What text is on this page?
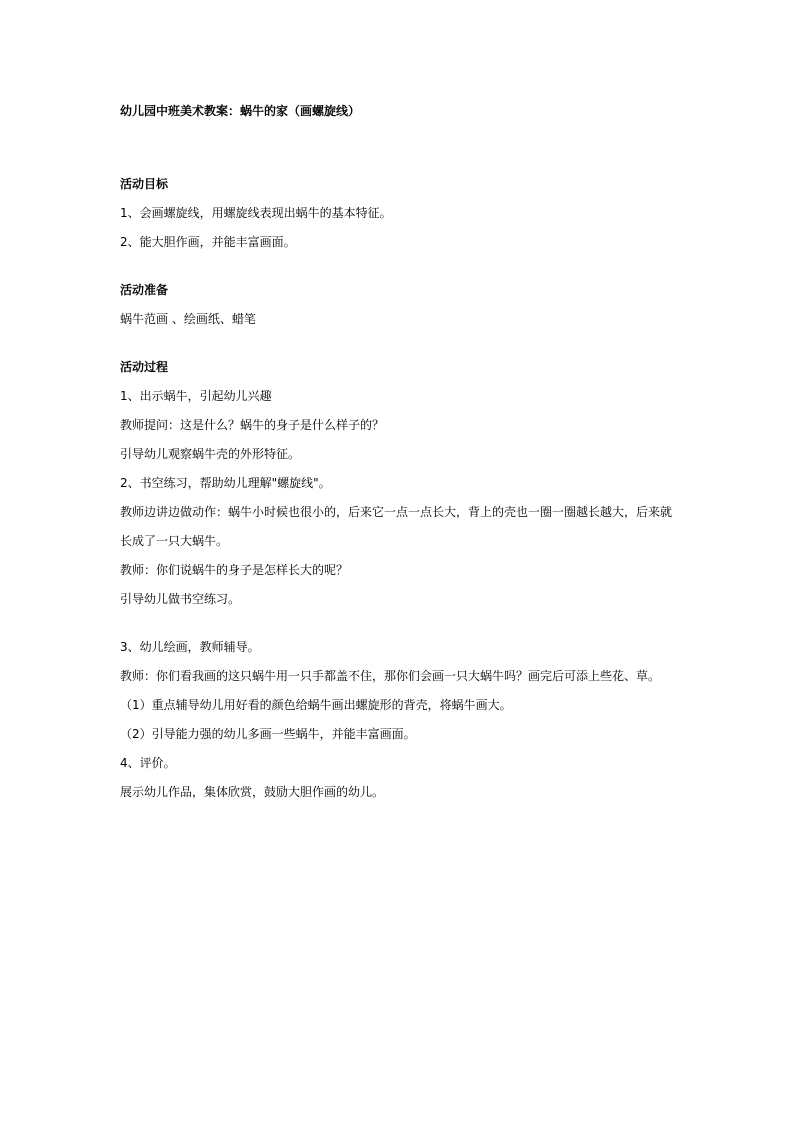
幼儿园中班美术教案：蜗牛的家（画螺旋线）
活动目标
1、会画螺旋线，用螺旋线表现出蜗牛的基本特征。
2、能大胆作画，并能丰富画面。
活动准备
蜗牛范画 、绘画纸、蜡笔
活动过程
1、出示蜗牛，引起幼儿兴趣
教师提问：这是什么？蜗牛的身子是什么样子的？
引导幼儿观察蜗牛壳的外形特征。
2、书空练习，帮助幼儿理解"螺旋线"。
教师边讲边做动作：蜗牛小时候也很小的，后来它一点一点长大，背上的壳也一圈一圈越长越大，后来就长成了一只大蜗牛。
教师：你们说蜗牛的身子是怎样长大的呢？
引导幼儿做书空练习。
3、幼儿绘画，教师辅导。
教师：你们看我画的这只蜗牛用一只手都盖不住，那你们会画一只大蜗牛吗？画完后可添上些花、草。
（1）重点辅导幼儿用好看的颜色给蜗牛画出螺旋形的背壳，将蜗牛画大。
（2）引导能力强的幼儿多画一些蜗牛，并能丰富画面。
4、评价。
展示幼儿作品，集体欣赏，鼓励大胆作画的幼儿。
